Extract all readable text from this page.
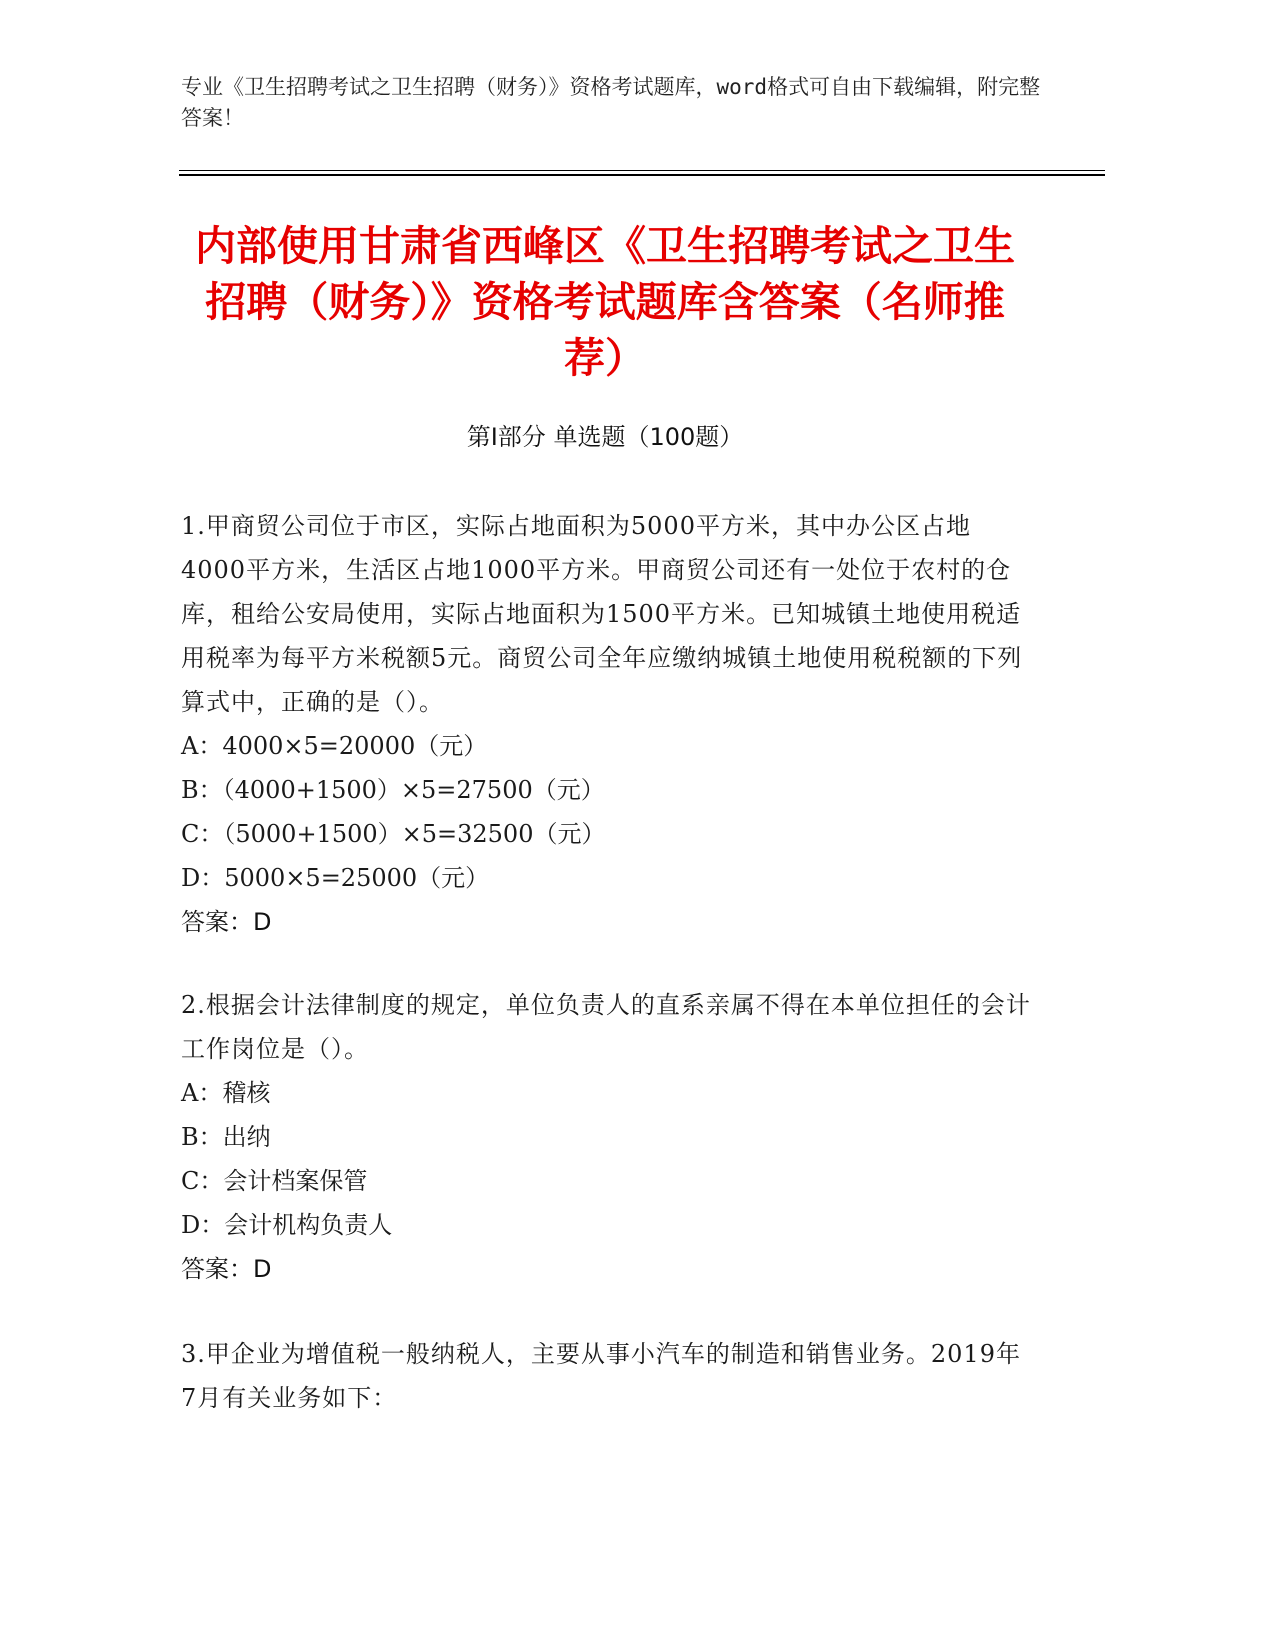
专业《卫生招聘考试之卫生招聘（财务）》资格考试题库，word格式可自由下载编辑，附完整答案！
内部使用甘肃省西峰区《卫生招聘考试之卫生招聘（财务）》资格考试题库含答案（名师推荐）
第Ⅰ部分 单选题（100题）
1.甲商贸公司位于市区，实际占地面积为5000平方米，其中办公区占地4000平方米，生活区占地1000平方米。甲商贸公司还有一处位于农村的仓库，租给公安局使用，实际占地面积为1500平方米。已知城镇土地使用税适用税率为每平方米税额5元。商贸公司全年应缴纳城镇土地使用税税额的下列算式中，正确的是（）。
A：4000×5=20000（元）
B：（4000+1500）×5=27500（元）
C：（5000+1500）×5=32500（元）
D：5000×5=25000（元）
答案：D
2.根据会计法律制度的规定，单位负责人的直系亲属不得在本单位担任的会计工作岗位是（）。
A：稽核
B：出纳
C：会计档案保管
D：会计机构负责人
答案：D
3.甲企业为增值税一般纳税人，主要从事小汽车的制造和销售业务。2019年7月有关业务如下：
